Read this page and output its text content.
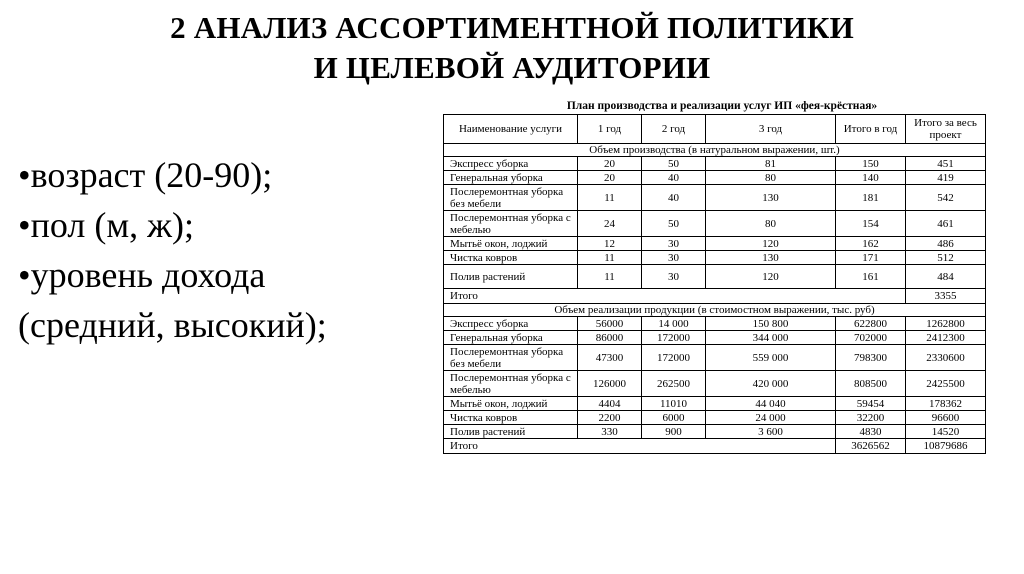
2 АНАЛИЗ АССОРТИМЕНТНОЙ ПОЛИТИКИ
И ЦЕЛЕВОЙ АУДИТОРИИ
•возраст (20-90);
•пол (м, ж);
•уровень дохода
(средний, высокий);
План производства и реализации услуг ИП «фея-крёстная»
Наименование услуги	1 год	2 год	3 год	Итого в год	Итого за весь проект
Объем производства (в натуральном выражении, шт.)					
Экспресс уборка	20	50	81	150	451
Генеральная уборка	20	40	80	140	419
Послеремонтная уборка без мебели	11	40	130	181	542
Послеремонтная уборка с мебелью	24	50	80	154	461
Мытьё окон, лоджий	12	30	120	162	486
Чистка ковров	11	30	130	171	512
Полив растений	11	30	120	161	484
Итого					3355
Объем реализации продукции (в стоимостном выражении, тыс. руб)					
Экспресс уборка	56000	14 000	150 800	622800	1262800
Генеральная уборка	86000	172000	344 000	702000	2412300
Послеремонтная уборка без мебели	47300	172000	559 000	798300	2330600
Послеремонтная уборка с мебелью	126000	262500	420 000	808500	2425500
Мытьё окон, лоджий	4404	11010	44 040	59454	178362
Чистка ковров	2200	6000	24 000	32200	96600
Полив растений	330	900	3 600	4830	14520
Итого				3626562	10879686
